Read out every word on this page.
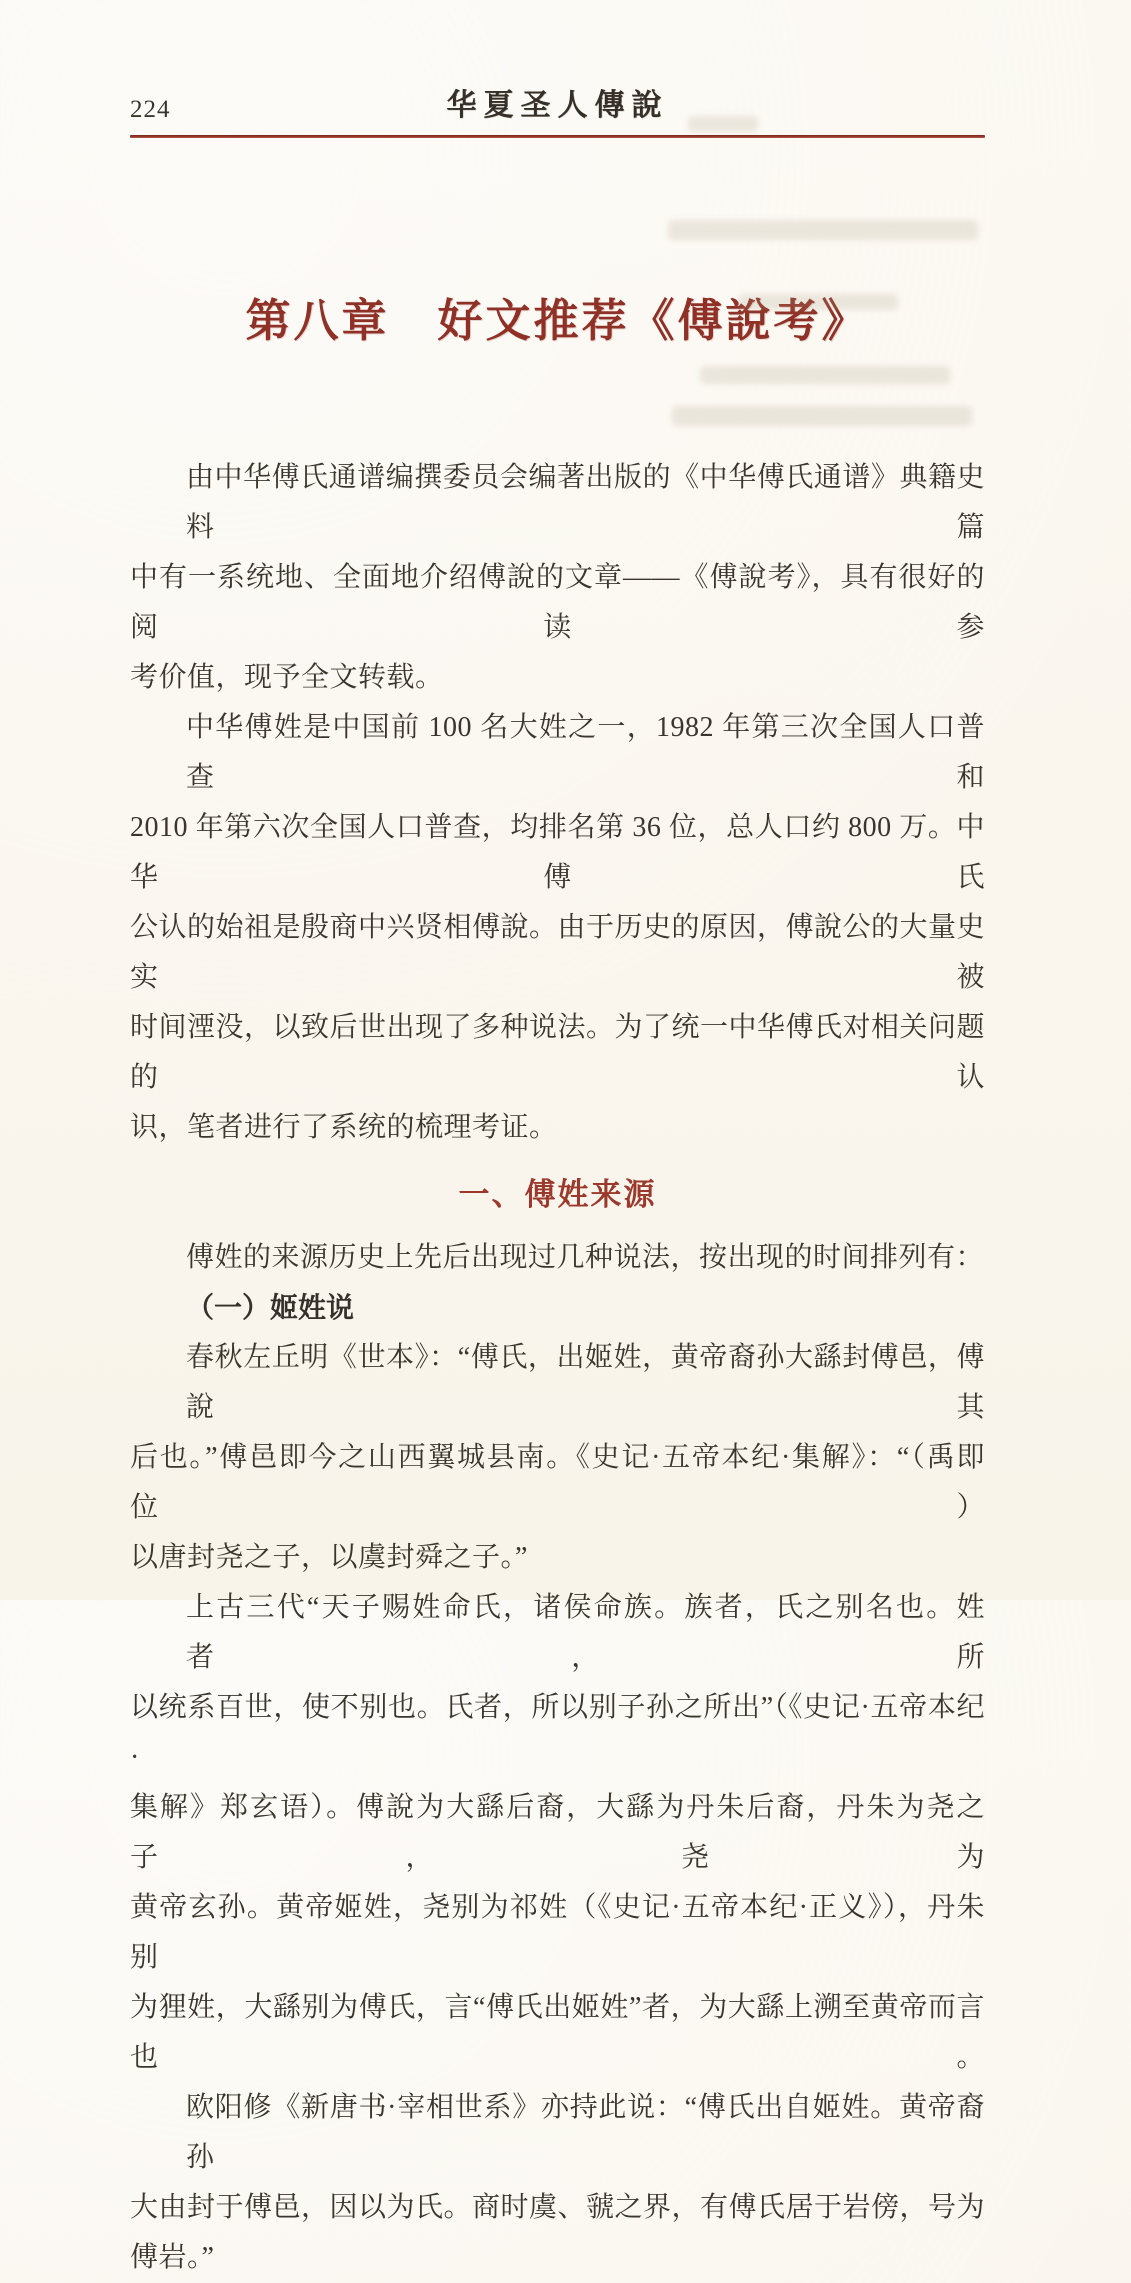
224	华夏圣人傳說
第八章　好文推荐《傅說考》
由中华傅氏通谱编撰委员会编著出版的《中华傅氏通谱》典籍史料篇
中有一系统地、全面地介绍傅說的文章——《傅說考》，具有很好的阅读参
考价值，现予全文转载。
中华傅姓是中国前 100 名大姓之一，1982 年第三次全国人口普查和
2010 年第六次全国人口普查，均排名第 36 位，总人口约 800 万。中华傅氏
公认的始祖是殷商中兴贤相傅說。由于历史的原因，傅說公的大量史实被
时间湮没，以致后世出现了多种说法。为了统一中华傅氏对相关问题的认
识，笔者进行了系统的梳理考证。
一、傅姓来源
傅姓的来源历史上先后出现过几种说法，按出现的时间排列有：
（一）姬姓说
春秋左丘明《世本》：“傅氏，出姬姓，黄帝裔孙大繇封傅邑，傅說其
后也。”傅邑即今之山西翼城县南。《史记·五帝本纪·集解》：“（禹即位）
以唐封尧之子，以虞封舜之子。”
上古三代“天子赐姓命氏，诸侯命族。族者，氏之别名也。姓者，所
以统系百世，使不别也。氏者，所以别子孙之所出”（《史记·五帝本纪·
集解》郑玄语）。傅說为大繇后裔，大繇为丹朱后裔，丹朱为尧之子，尧为
黄帝玄孙。黄帝姬姓，尧别为祁姓（《史记·五帝本纪·正义》），丹朱别
为狸姓，大繇别为傅氏，言“傅氏出姬姓”者，为大繇上溯至黄帝而言也。
欧阳修《新唐书·宰相世系》亦持此说：“傅氏出自姬姓。黄帝裔孙
大由封于傅邑，因以为氏。商时虞、虢之界，有傅氏居于岩傍，号为
傅岩。”
